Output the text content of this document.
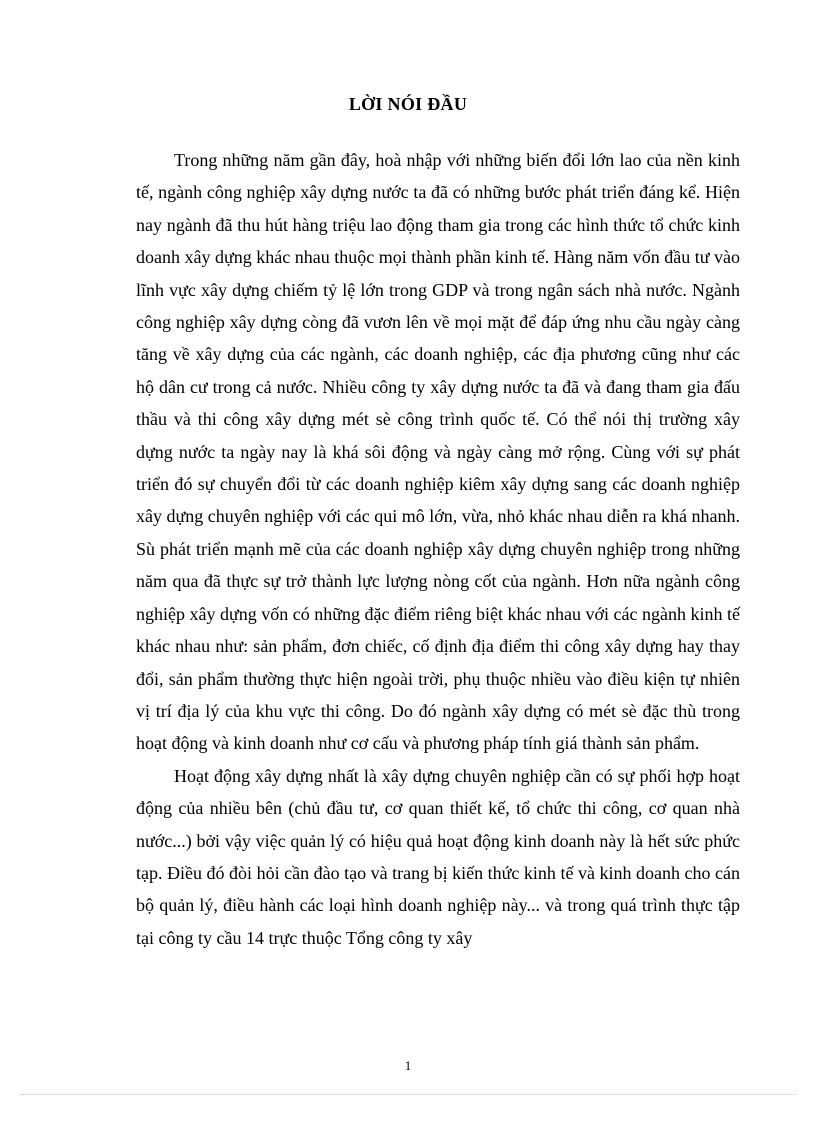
LỜI NÓI ĐẦU

Trong những năm gần đây, hoà nhập với những biến đổi lớn lao của nền kinh tế, ngành công nghiệp xây dựng nước ta đã có những bước phát triển đáng kể. Hiện nay ngành đã thu hút hàng triệu lao động tham gia trong các hình thức tổ chức kinh doanh xây dựng khác nhau thuộc mọi thành phần kinh tế. Hàng năm vốn đầu tư vào lĩnh vực xây dựng chiếm tỷ lệ lớn trong GDP và trong ngân sách nhà nước. Ngành công nghiệp xây dựng còng đã vươn lên về mọi mặt để đáp ứng nhu cầu ngày càng tăng về xây dựng của các ngành, các doanh nghiệp, các địa phương cũng như các hộ dân cư trong cả nước. Nhiều công ty xây dựng nước ta đã và đang tham gia đấu thầu và thi công xây dựng mét sè công trình quốc tế. Có thể nói thị trường xây dựng nước ta ngày nay là khá sôi động và ngày càng mở rộng. Cùng với sự phát triển đó sự chuyển đổi từ các doanh nghiệp kiêm xây dựng sang các doanh nghiệp xây dựng chuyên nghiệp với các qui mô lớn, vừa, nhỏ khác nhau diễn ra khá nhanh. Sù phát triển mạnh mẽ của các doanh nghiệp xây dựng chuyên nghiệp trong những năm qua đã thực sự trở thành lực lượng nòng cốt của ngành. Hơn nữa ngành công nghiệp xây dựng vốn có những đặc điểm riêng biệt khác nhau với các ngành kinh tế khác nhau như: sản phẩm, đơn chiếc, cố định địa điểm thi công xây dựng hay thay đổi, sản phẩm thường thực hiện ngoài trời, phụ thuộc nhiều vào điều kiện tự nhiên vị trí địa lý của khu vực thi công. Do đó ngành xây dựng có mét sè đặc thù trong hoạt động và kinh doanh như cơ cấu và phương pháp tính giá thành sản phẩm.

Hoạt động xây dựng nhất là xây dựng chuyên nghiệp cần có sự phối hợp hoạt động của nhiều bên (chủ đầu tư, cơ quan thiết kế, tổ chức thi công, cơ quan nhà nước...) bởi vậy việc quản lý có hiệu quả hoạt động kinh doanh này là hết sức phức tạp. Điều đó đòi hỏi cần đào tạo và trang bị kiến thức kinh tế và kinh doanh cho cán bộ quản lý, điều hành các loại hình doanh nghiệp này... và trong quá trình thực tập tại công ty cầu 14 trực thuộc Tổng công ty xây

1
